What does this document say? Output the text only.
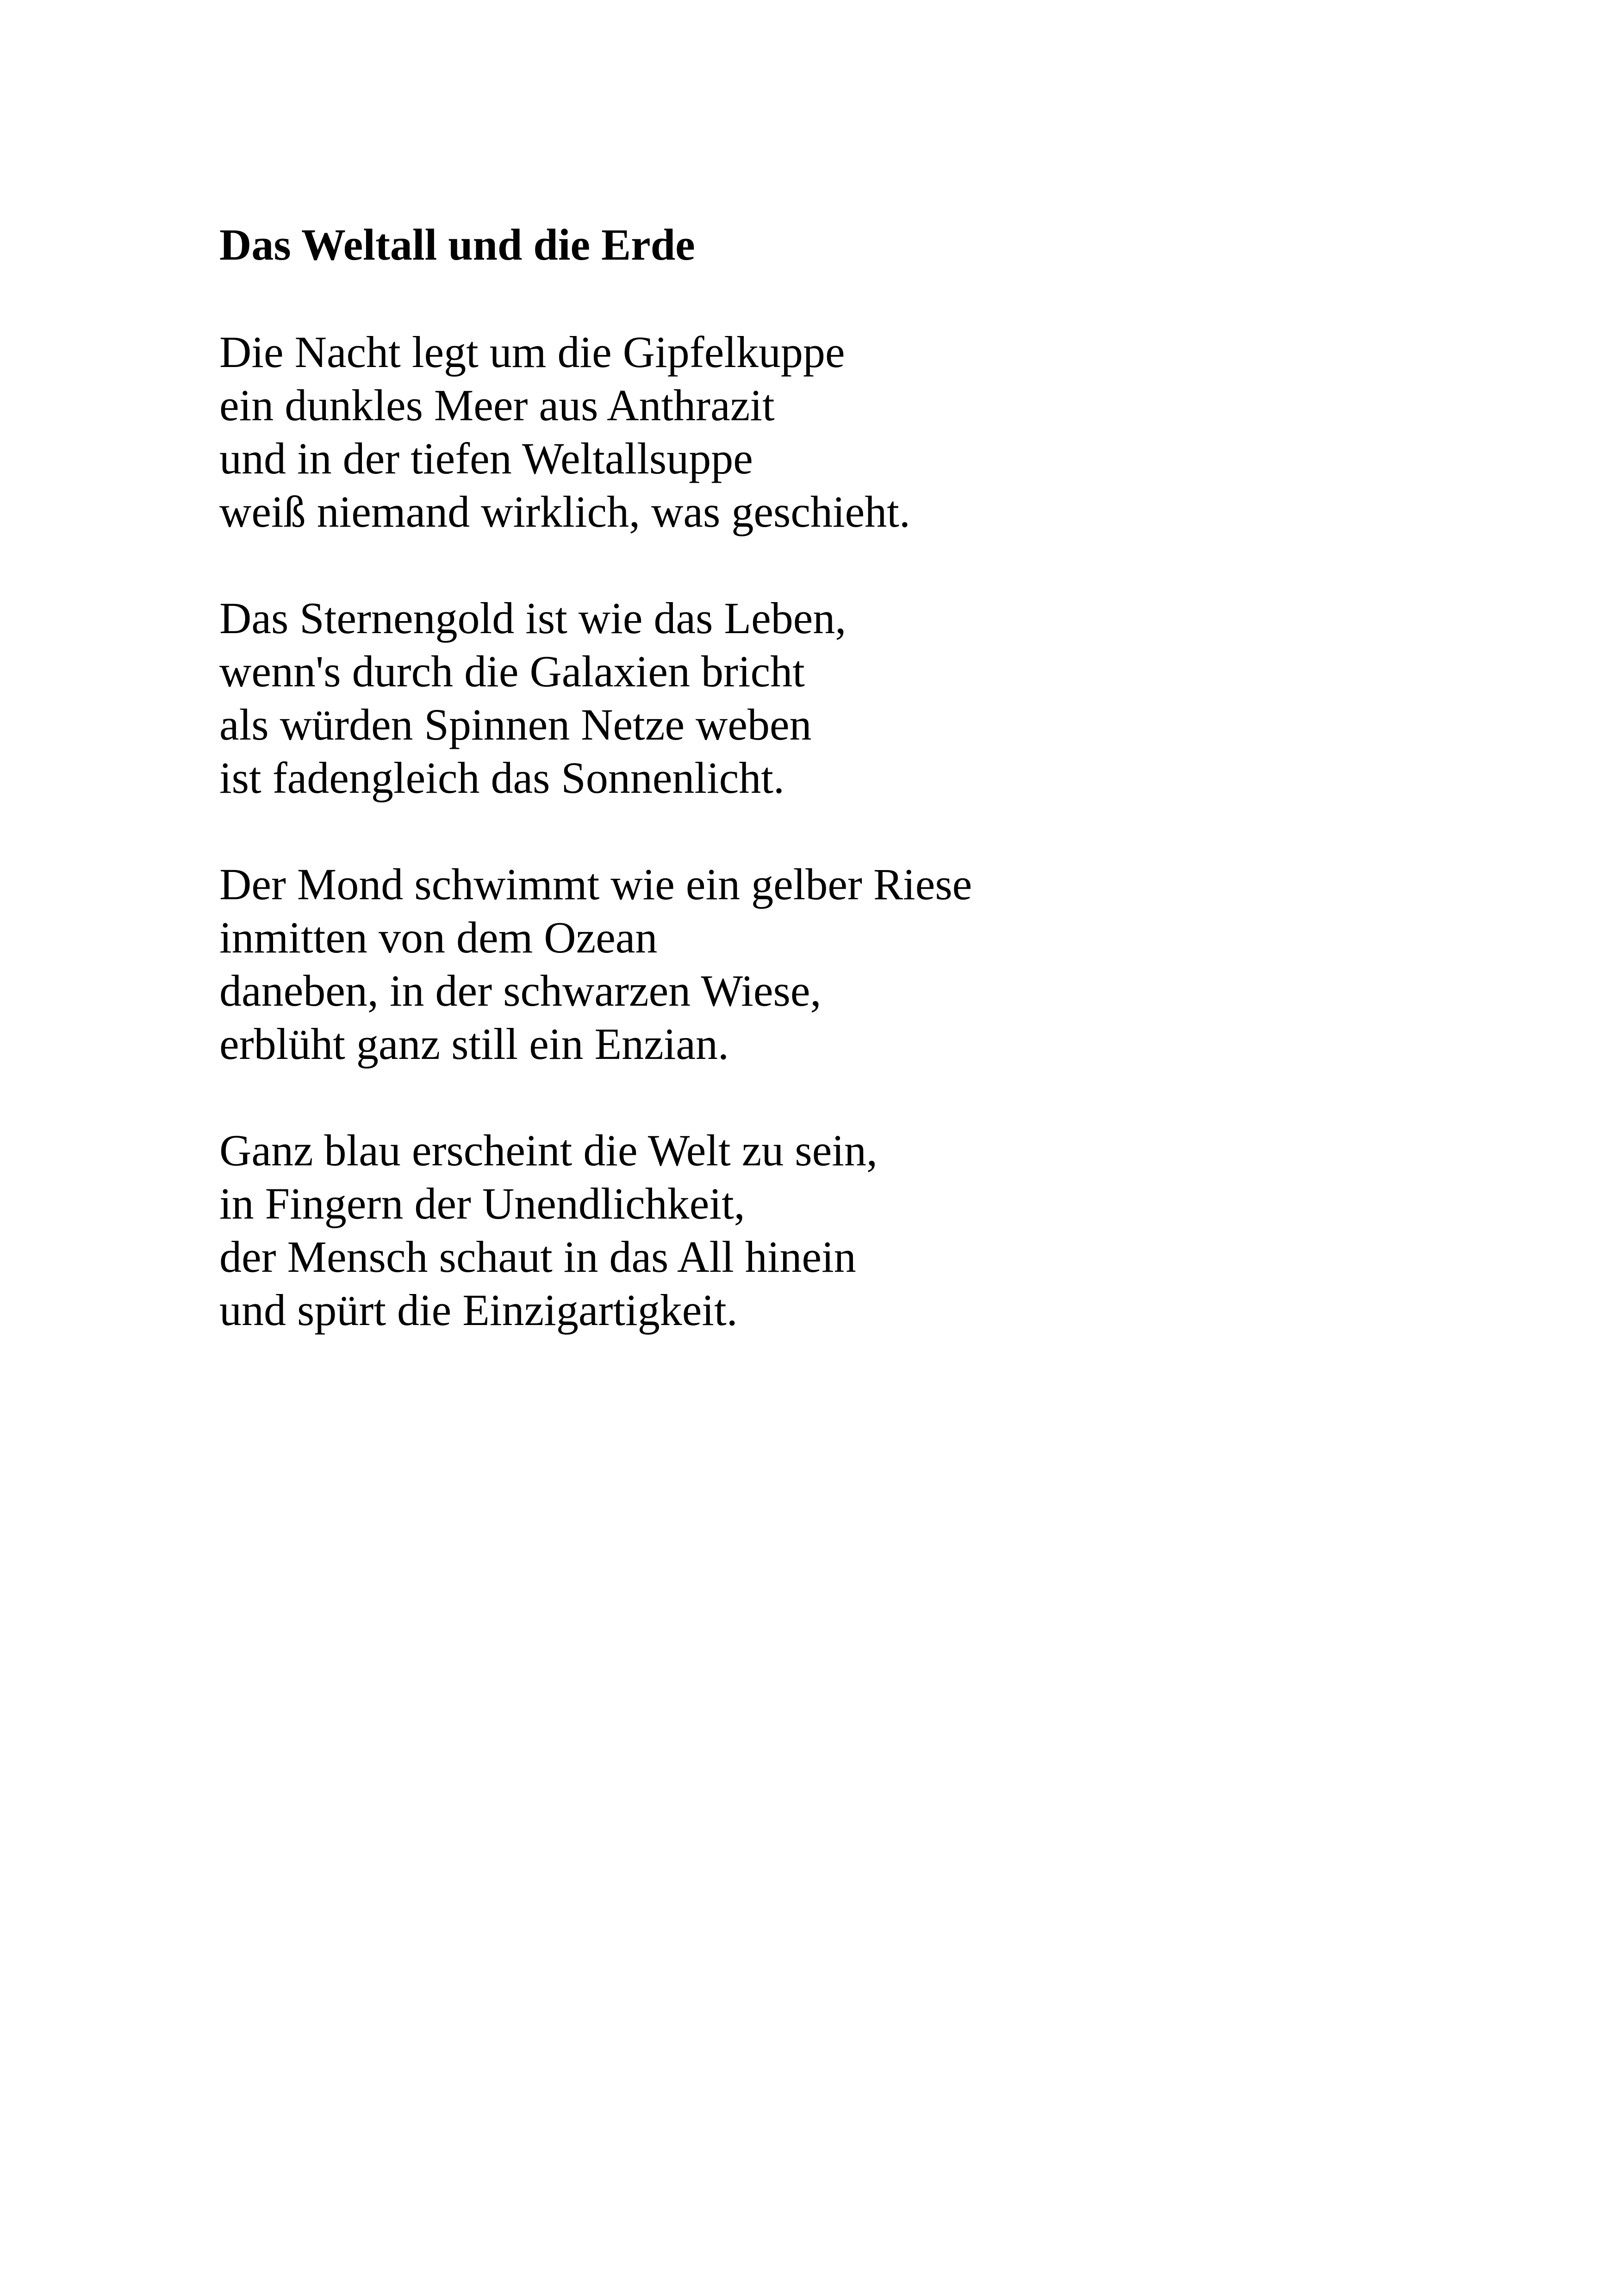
Das Weltall und die Erde

Die Nacht legt um die Gipfelkuppe
ein dunkles Meer aus Anthrazit
und in der tiefen Weltallsuppe
weiß niemand wirklich, was geschieht.

Das Sternengold ist wie das Leben,
wenn's durch die Galaxien bricht
als würden Spinnen Netze weben
ist fadengleich das Sonnenlicht.

Der Mond schwimmt wie ein gelber Riese
inmitten von dem Ozean
daneben, in der schwarzen Wiese,
erblüht ganz still ein Enzian.

Ganz blau erscheint die Welt zu sein,
in Fingern der Unendlichkeit,
der Mensch schaut in das All hinein
und spürt die Einzigartigkeit.
